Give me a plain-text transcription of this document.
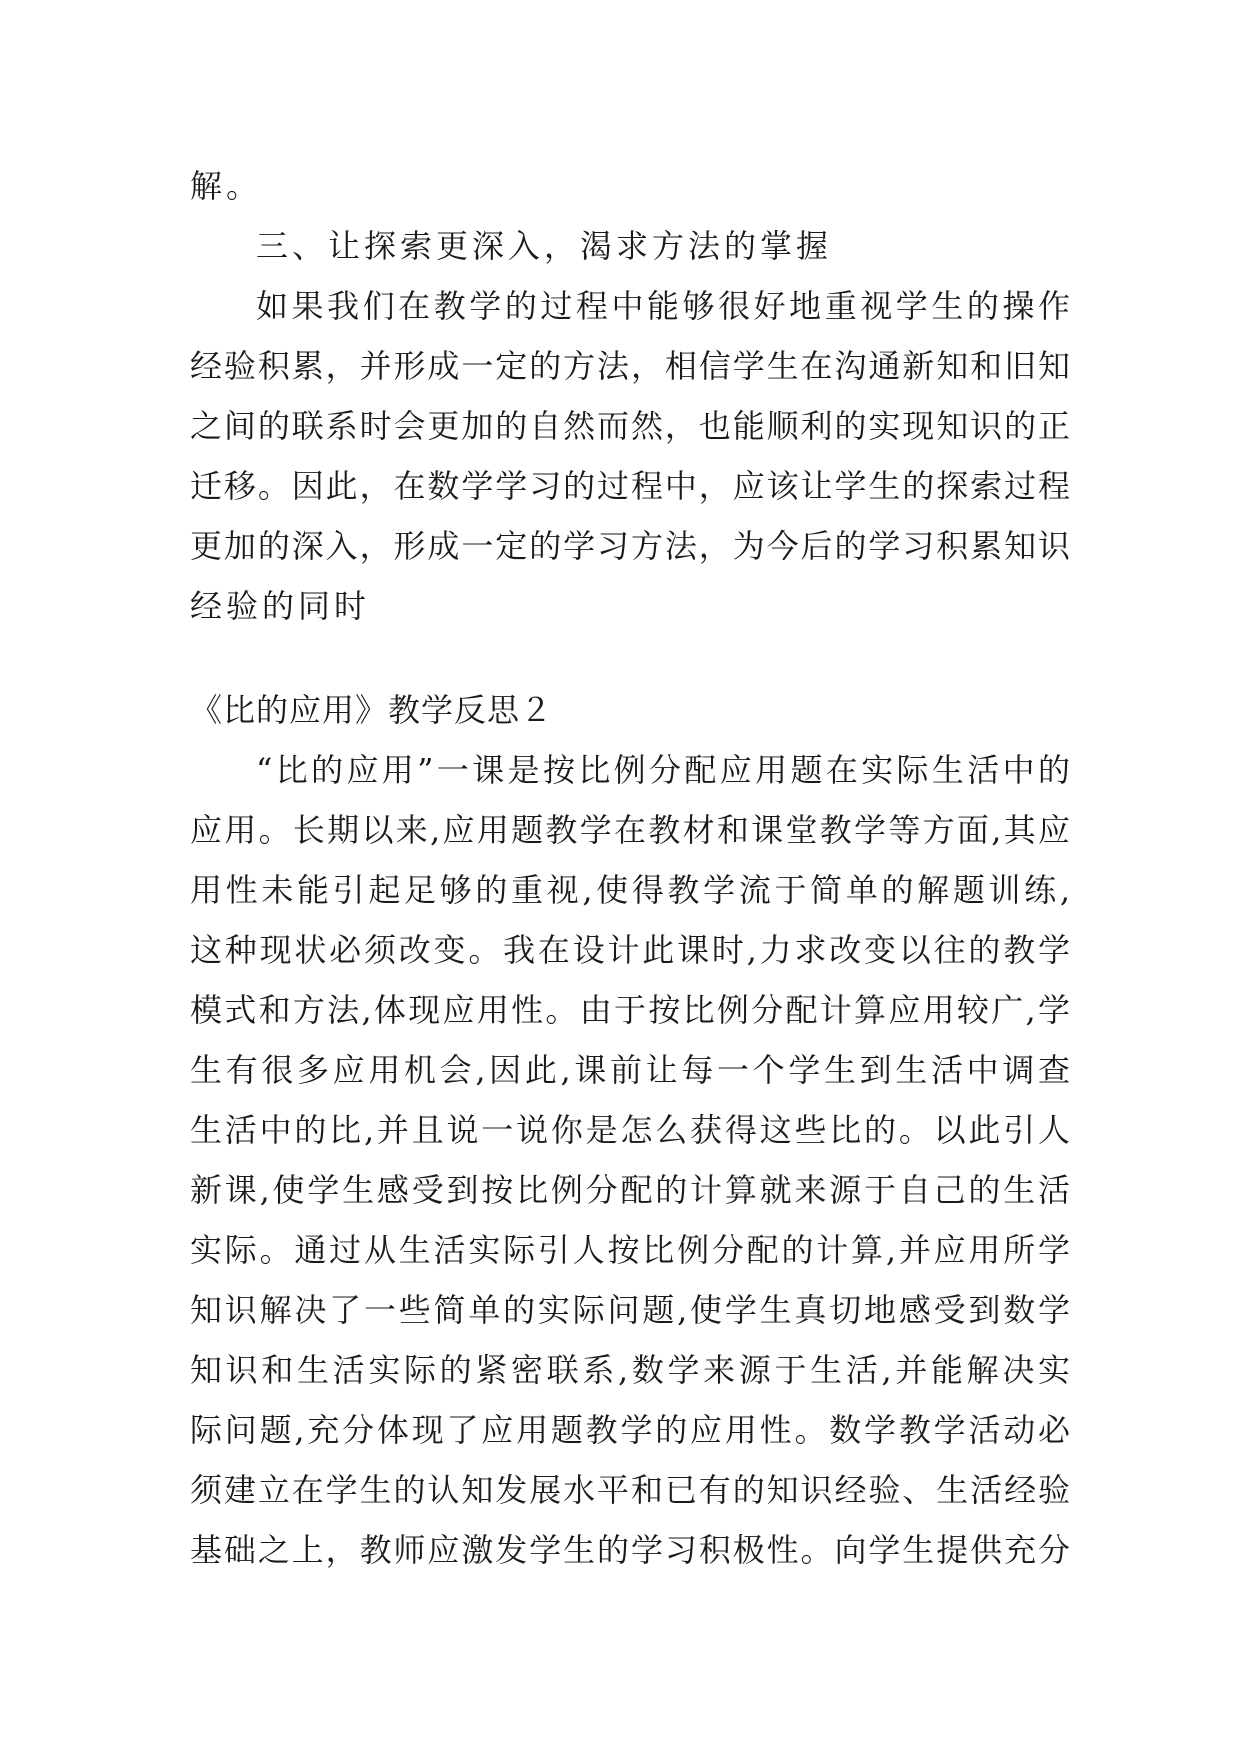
解。
三、让探索更深入，渴求方法的掌握
如果我们在教学的过程中能够很好地重视学生的操作
经验积累，并形成一定的方法，相信学生在沟通新知和旧知
之间的联系时会更加的自然而然，也能顺利的实现知识的正
迁移。因此，在数学学习的过程中，应该让学生的探索过程
更加的深入，形成一定的学习方法，为今后的学习积累知识
经验的同时
《比的应用》教学反思２
“比的应用”一课是按比例分配应用题在实际生活中的
应用。长期以来,应用题教学在教材和课堂教学等方面,其应
用性未能引起足够的重视,使得教学流于简单的解题训练,
这种现状必须改变。我在设计此课时,力求改变以往的教学
模式和方法,体现应用性。由于按比例分配计算应用较广,学
生有很多应用机会,因此,课前让每一个学生到生活中调查
生活中的比,并且说一说你是怎么获得这些比的。以此引人
新课,使学生感受到按比例分配的计算就来源于自己的生活
实际。通过从生活实际引人按比例分配的计算,并应用所学
知识解决了一些简单的实际问题,使学生真切地感受到数学
知识和生活实际的紧密联系,数学来源于生活,并能解决实
际问题,充分体现了应用题教学的应用性。数学教学活动必
须建立在学生的认知发展水平和已有的知识经验、生活经验
基础之上，教师应激发学生的学习积极性。向学生提供充分
